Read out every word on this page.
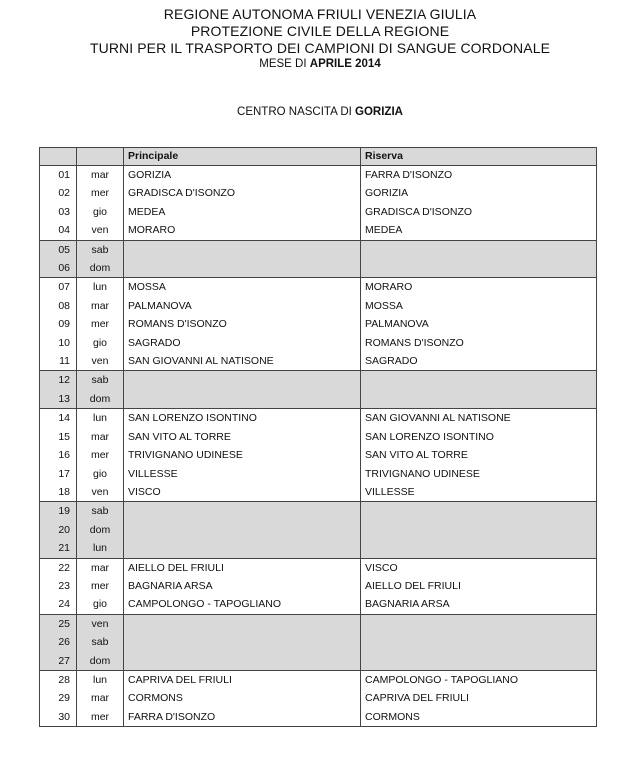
REGIONE AUTONOMA FRIULI VENEZIA GIULIA
PROTEZIONE CIVILE DELLA REGIONE
TURNI PER IL TRASPORTO DEI CAMPIONI DI SANGUE CORDONALE
MESE DI APRILE 2014
CENTRO NASCITA DI GORIZIA
		Principale	Riserva
01	mar	GORIZIA	FARRA D'ISONZO
02	mer	GRADISCA D'ISONZO	GORIZIA
03	gio	MEDEA	GRADISCA D'ISONZO
04	ven	MORARO	MEDEA
05	sab		
06	dom		
07	lun	MOSSA	MORARO
08	mar	PALMANOVA	MOSSA
09	mer	ROMANS D'ISONZO	PALMANOVA
10	gio	SAGRADO	ROMANS D'ISONZO
11	ven	SAN GIOVANNI AL NATISONE	SAGRADO
12	sab		
13	dom		
14	lun	SAN LORENZO ISONTINO	SAN GIOVANNI AL NATISONE
15	mar	SAN VITO AL TORRE	SAN LORENZO ISONTINO
16	mer	TRIVIGNANO UDINESE	SAN VITO AL TORRE
17	gio	VILLESSE	TRIVIGNANO UDINESE
18	ven	VISCO	VILLESSE
19	sab		
20	dom		
21	lun		
22	mar	AIELLO DEL FRIULI	VISCO
23	mer	BAGNARIA ARSA	AIELLO DEL FRIULI
24	gio	CAMPOLONGO - TAPOGLIANO	BAGNARIA ARSA
25	ven		
26	sab		
27	dom		
28	lun	CAPRIVA DEL FRIULI	CAMPOLONGO - TAPOGLIANO
29	mar	CORMONS	CAPRIVA DEL FRIULI
30	mer	FARRA D'ISONZO	CORMONS
